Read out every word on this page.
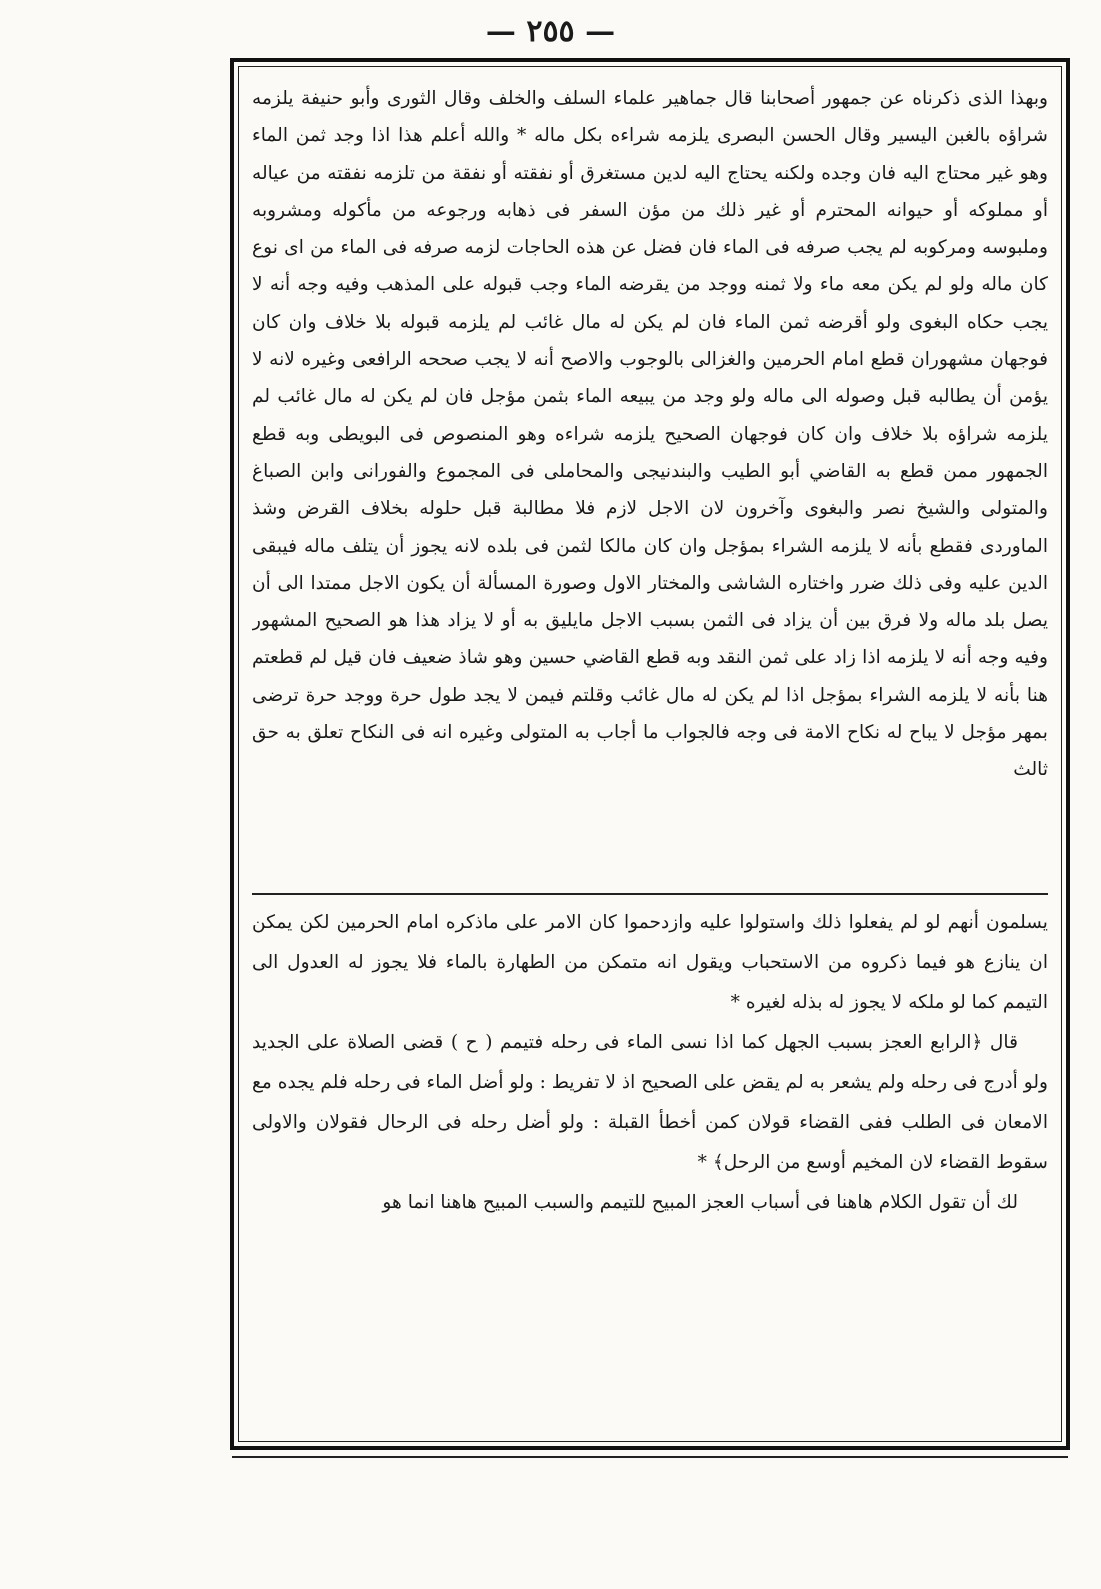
— ٢٥٥ —

وبهذا الذى ذكرناه عن جمهور أصحابنا قال جماهير علماء السلف والخلف وقال الثورى وأبو حنيفة يلزمه شراؤه بالغبن اليسير وقال الحسن البصرى يلزمه شراءه بكل ماله * والله أعلم هذا اذا وجد ثمن الماء وهو غير محتاج اليه فان وجده ولكنه يحتاج اليه لدين مستغرق أو نفقته أو نفقة من تلزمه نفقته من عياله أو مملوكه أو حيوانه المحترم أو غير ذلك من مؤن السفر فى ذهابه ورجوعه من مأكوله ومشروبه وملبوسه ومركوبه لم يجب صرفه فى الماء فان فضل عن هذه الحاجات لزمه صرفه فى الماء من اى نوع كان ماله ولو لم يكن معه ماء ولا ثمنه ووجد من يقرضه الماء وجب قبوله على المذهب وفيه وجه أنه لا يجب حكاه البغوى ولو أقرضه ثمن الماء فان لم يكن له مال غائب لم يلزمه قبوله بلا خلاف وان كان فوجهان مشهوران قطع امام الحرمين والغزالى بالوجوب والاصح أنه لا يجب صححه الرافعى وغيره لانه لا يؤمن أن يطالبه قبل وصوله الى ماله ولو وجد من يبيعه الماء بثمن مؤجل فان لم يكن له مال غائب لم يلزمه شراؤه بلا خلاف وان كان فوجهان الصحيح يلزمه شراءه وهو المنصوص فى البويطى وبه قطع الجمهور ممن قطع به القاضي أبو الطيب والبندنيجى والمحاملى فى المجموع والفورانى وابن الصباغ والمتولى والشيخ نصر والبغوى وآخرون لان الاجل لازم فلا مطالبة قبل حلوله بخلاف القرض وشذ الماوردى فقطع بأنه لا يلزمه الشراء بمؤجل وان كان مالكا لثمن فى بلده لانه يجوز أن يتلف ماله فيبقى الدين عليه وفى ذلك ضرر واختاره الشاشى والمختار الاول وصورة المسألة أن يكون الاجل ممتدا الى أن يصل بلد ماله ولا فرق بين أن يزاد فى الثمن بسبب الاجل مايليق به أو لا يزاد هذا هو الصحيح المشهور وفيه وجه أنه لا يلزمه اذا زاد على ثمن النقد وبه قطع القاضي حسين وهو شاذ ضعيف فان قيل لم قطعتم هنا بأنه لا يلزمه الشراء بمؤجل اذا لم يكن له مال غائب وقلتم فيمن لا يجد طول حرة ووجد حرة ترضى بمهر مؤجل لا يباح له نكاح الامة فى وجه فالجواب ما أجاب به المتولى وغيره انه فى النكاح تعلق به حق ثالث

يسلمون أنهم لو لم يفعلوا ذلك واستولوا عليه وازدحموا كان الامر على ماذكره امام الحرمين لكن يمكن ان ينازع هو فيما ذكروه من الاستحباب ويقول انه متمكن من الطهارة بالماء فلا يجوز له العدول الى التيمم كما لو ملكه لا يجوز له بذله لغيره *

قال ﴿الرابع العجز بسبب الجهل كما اذا نسى الماء فى رحله فتيمم ( ح ) قضى الصلاة على الجديد ولو أدرج فى رحله ولم يشعر به لم يقض على الصحيح اذ لا تفريط : ولو أضل الماء فى رحله فلم يجده مع الامعان فى الطلب ففى القضاء قولان كمن أخطأ القبلة : ولو أضل رحله فى الرحال فقولان والاولى سقوط القضاء لان المخيم أوسع من الرحل﴾ *

لك أن تقول الكلام هاهنا فى أسباب العجز المبيح للتيمم والسبب المبيح هاهنا انما هو
